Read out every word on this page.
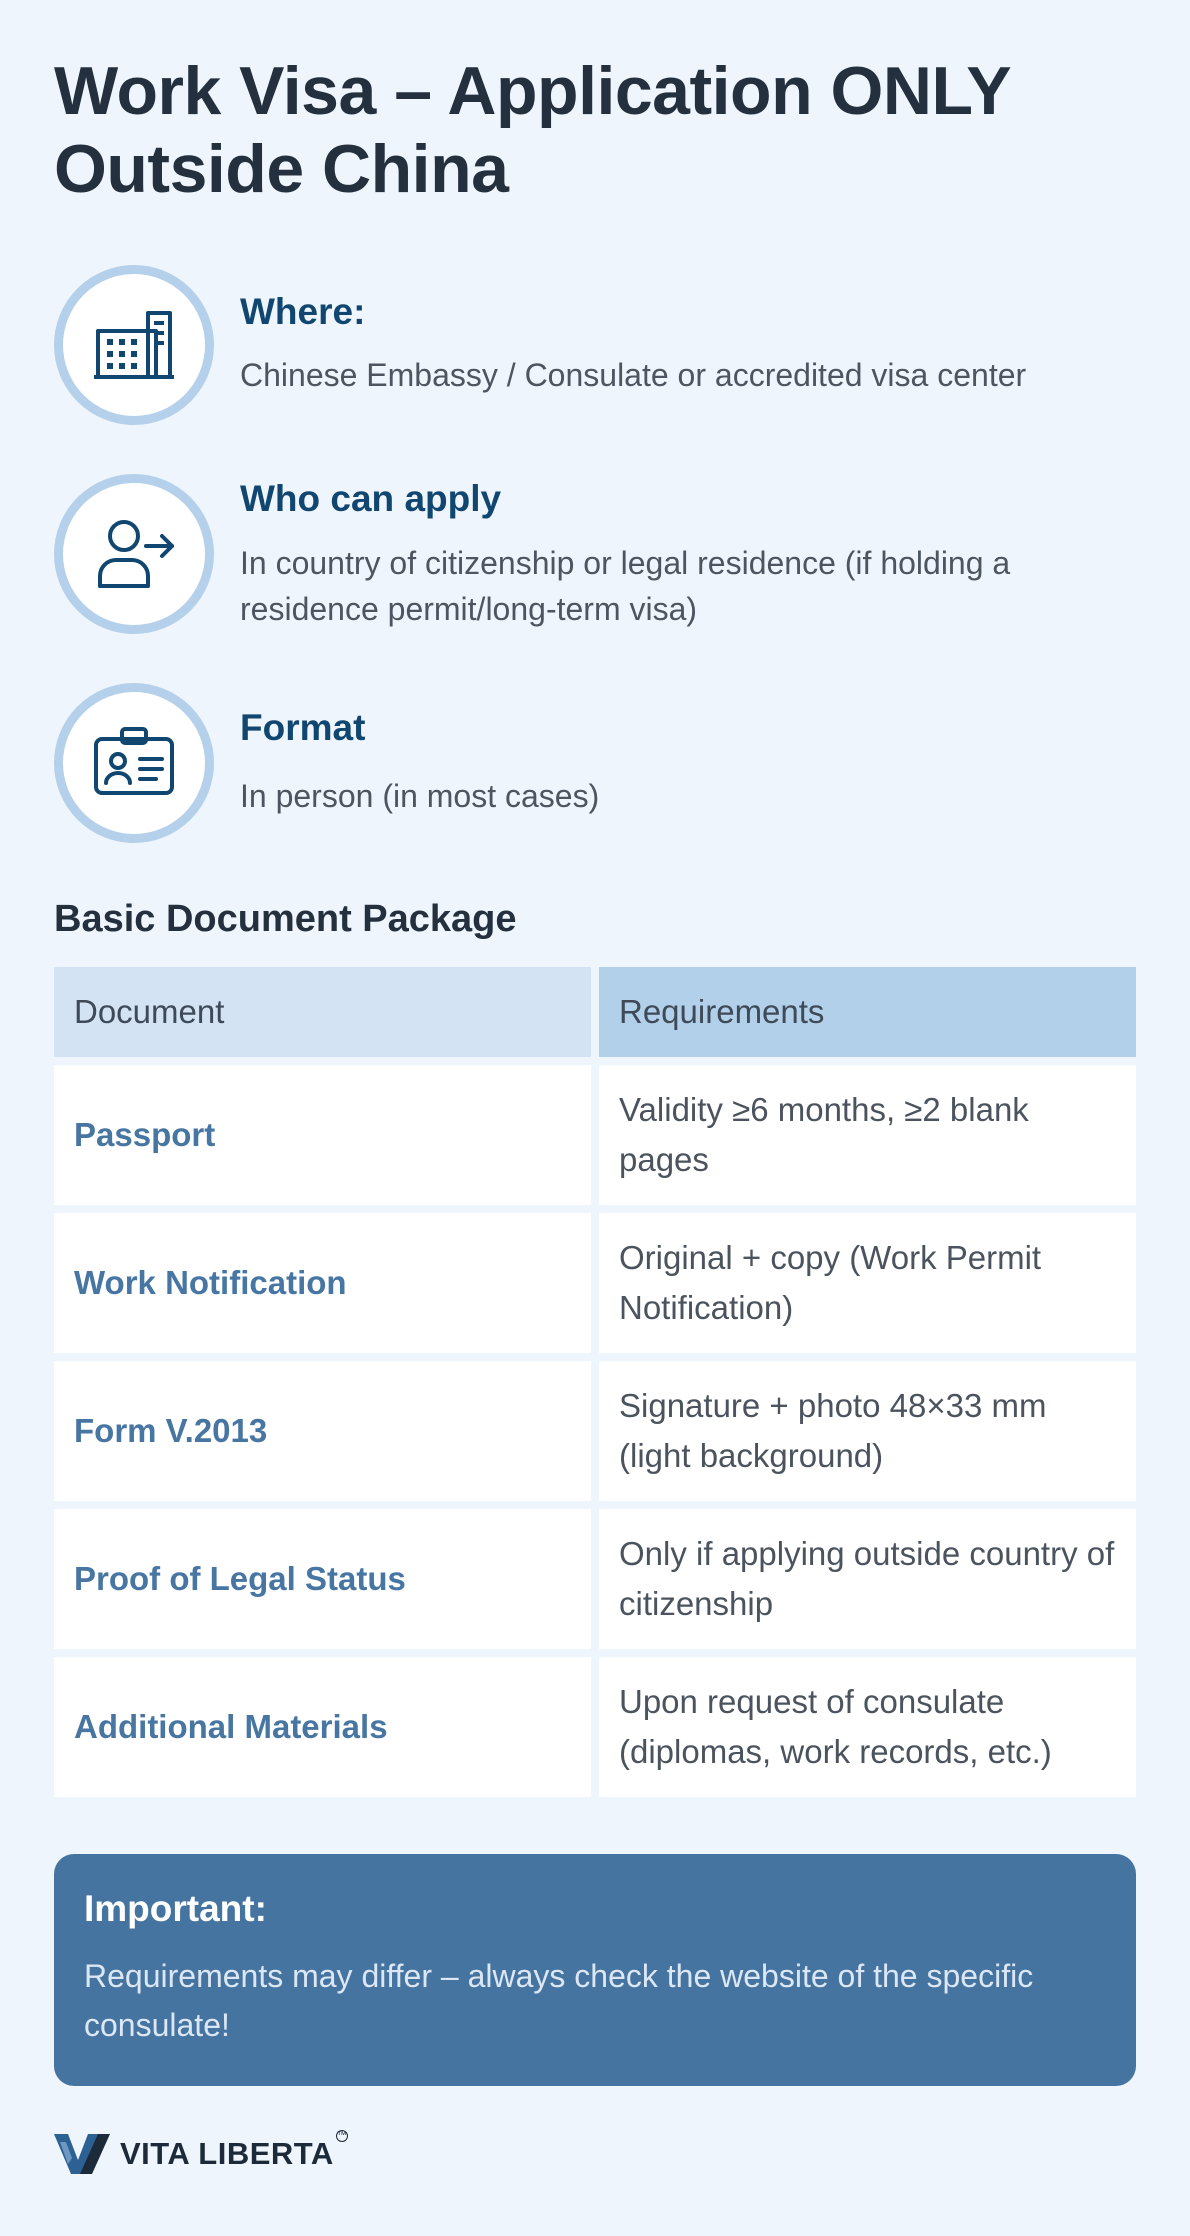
Work Visa – Application ONLY Outside China
Where:
Chinese Embassy / Consulate or accredited visa center
Who can apply
In country of citizenship or legal residence (if holding a residence permit/long-term visa)
Format
In person (in most cases)
Basic Document Package
Document	Requirements
Passport
Validity ≥6 months, ≥2 blank pages
Work Notification
Original + copy (Work Permit Notification)
Form V.2013
Signature + photo 48×33 mm (light background)
Proof of Legal Status
Only if applying outside country of citizenship
Additional Materials
Upon request of consulate (diplomas, work records, etc.)
Important:
Requirements may differ – always check the website of the specific consulate!
VITA LIBERTA
™
